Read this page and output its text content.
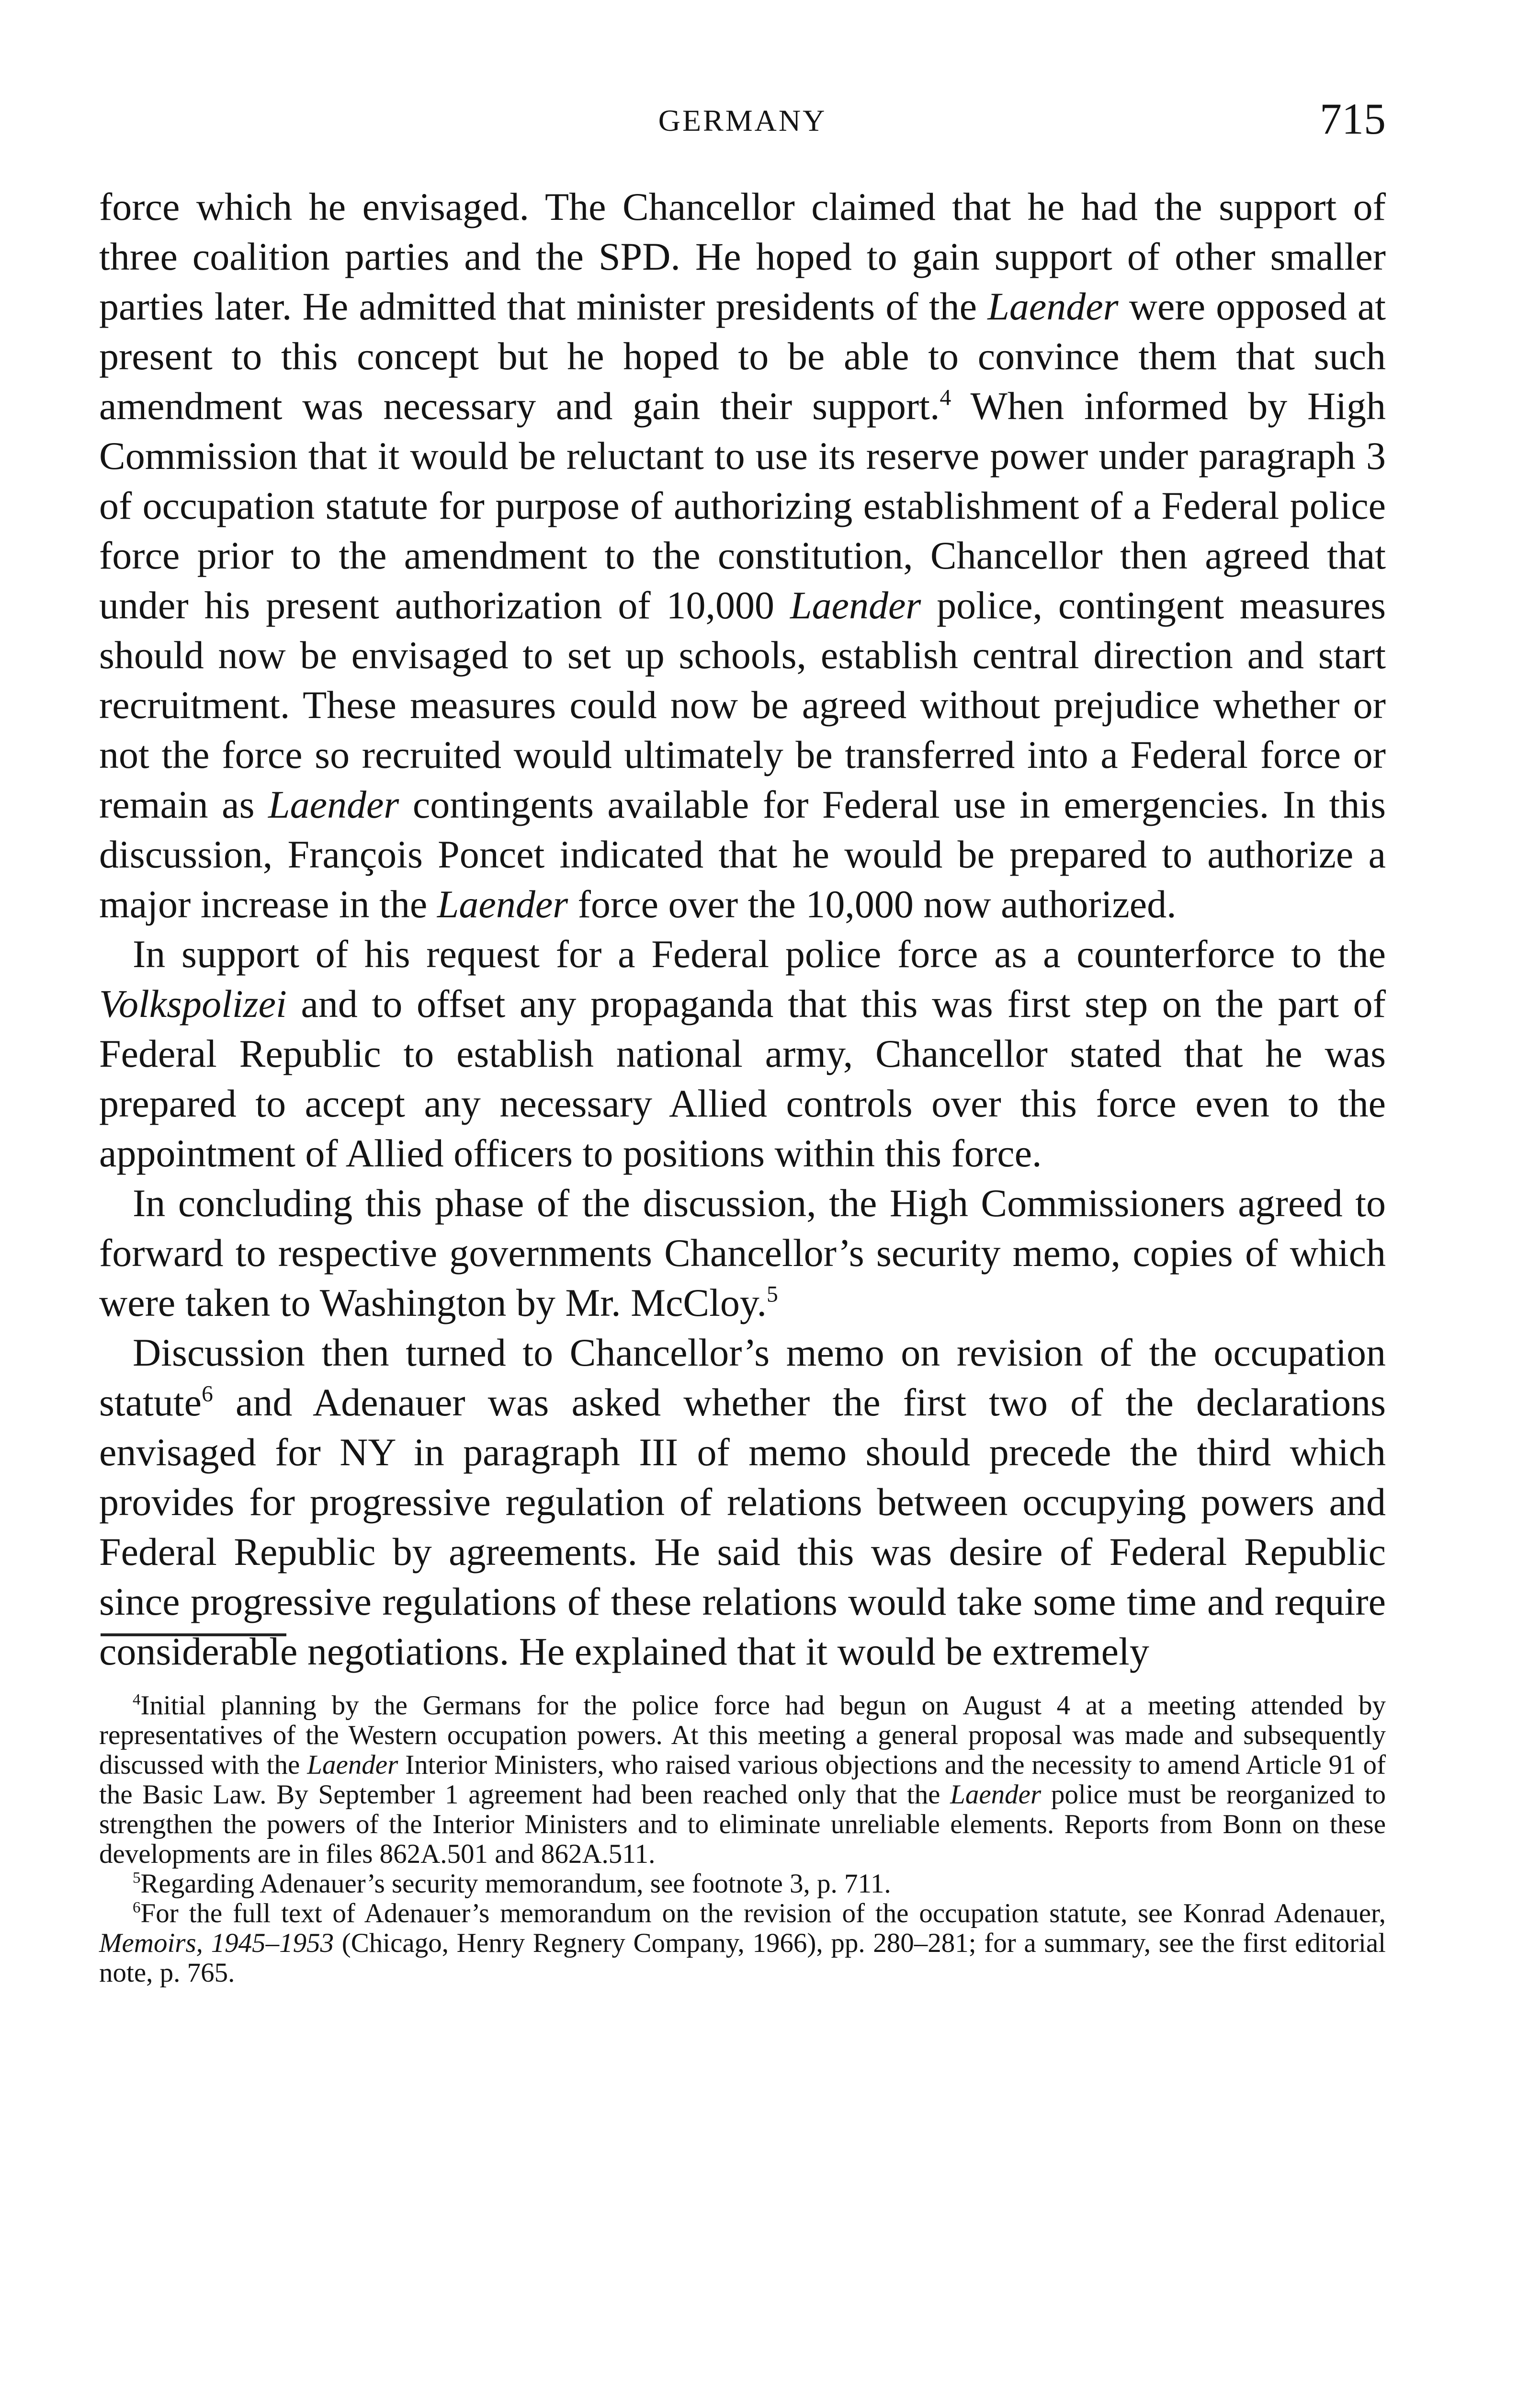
GERMANY	715

force which he envisaged. The Chancellor claimed that he had the support of three coalition parties and the SPD. He hoped to gain support of other smaller parties later. He admitted that minister presidents of the Laender were opposed at present to this concept but he hoped to be able to convince them that such amendment was necessary and gain their support.$^4$ When informed by High Commission that it would be reluctant to use its reserve power under paragraph 3 of occupation statute for purpose of authorizing establishment of a Federal police force prior to the amendment to the constitution, Chancellor then agreed that under his present authorization of 10,000 Laender police, contingent measures should now be envisaged to set up schools, establish central direction and start recruitment. These measures could now be agreed without prejudice whether or not the force so recruited would ultimately be transferred into a Federal force or remain as Laender contingents available for Federal use in emergencies. In this discussion, François Poncet indicated that he would be prepared to authorize a major increase in the Laender force over the 10,000 now authorized.

In support of his request for a Federal police force as a counterforce to the Volkspolizei and to offset any propaganda that this was first step on the part of Federal Republic to establish national army, Chancellor stated that he was prepared to accept any necessary Allied controls over this force even to the appointment of Allied officers to positions within this force.

In concluding this phase of the discussion, the High Commissioners agreed to forward to respective governments Chancellor’s security memo, copies of which were taken to Washington by Mr. McCloy.$^5$

Discussion then turned to Chancellor’s memo on revision of the occupation statute$^6$ and Adenauer was asked whether the first two of the declarations envisaged for NY in paragraph III of memo should precede the third which provides for progressive regulation of relations between occupying powers and Federal Republic by agreements. He said this was desire of Federal Republic since progressive regulations of these relations would take some time and require considerable negotiations. He explained that it would be extremely

$^4$Initial planning by the Germans for the police force had begun on August 4 at a meeting attended by representatives of the Western occupation powers. At this meeting a general proposal was made and subsequently discussed with the Laender Interior Ministers, who raised various objections and the necessity to amend Article 91 of the Basic Law. By September 1 agreement had been reached only that the Laender police must be reorganized to strengthen the powers of the Interior Ministers and to eliminate unreliable elements. Reports from Bonn on these developments are in files 862A.501 and 862A.511.

$^5$Regarding Adenauer’s security memorandum, see footnote 3, p. 711.

$^6$For the full text of Adenauer’s memorandum on the revision of the occupation statute, see Konrad Adenauer, Memoirs, 1945–1953 (Chicago, Henry Regnery Company, 1966), pp. 280–281; for a summary, see the first editorial note, p. 765.
